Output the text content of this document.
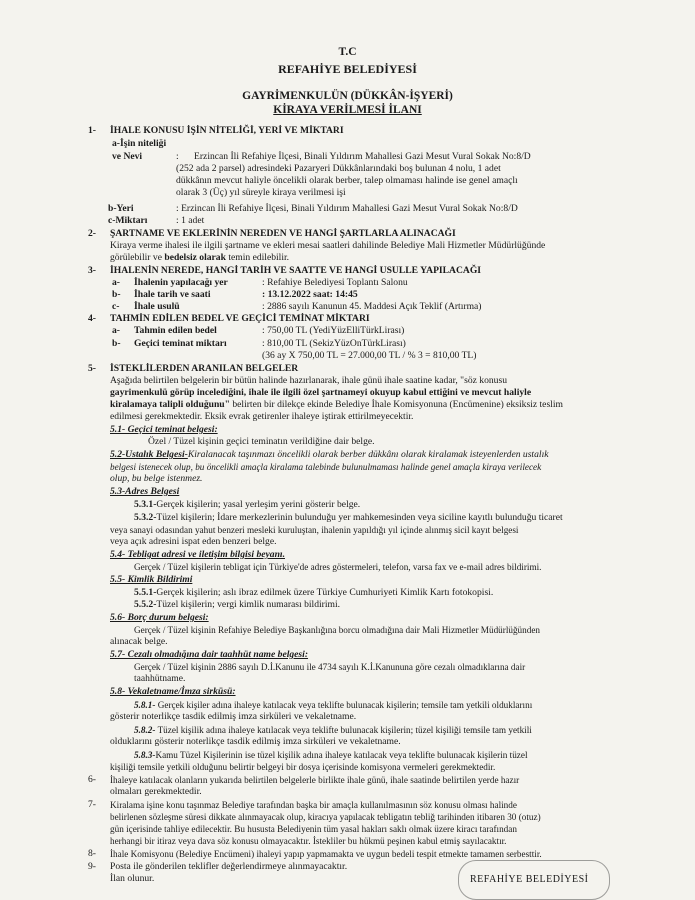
T.C
REFAHİYE BELEDİYESİ
GAYRİMENKULÜN (DÜKKÂN-İŞYERİ)
KİRAYA VERİLMESİ İLANI
1- İHALE KONUSU İŞİN NİTELİĞİ, YERİ VE MİKTARI
a-İşin niteliği
ve Nevi	: Erzincan İli Refahiye İlçesi, Binali Yıldırım Mahallesi Gazi Mesut Vural Sokak No:8/D
(252 ada 2 parsel) adresindeki Pazaryeri Dükkânlarındaki boş bulunan 4 nolu, 1 adet
dükkânın mevcut haliyle öncelikli olarak berber, talep olmaması halinde ise genel amaçlı
olarak 3 (Üç) yıl süreyle kiraya verilmesi işi
b-Yeri	: Erzincan İli Refahiye İlçesi, Binali Yıldırım Mahallesi Gazi Mesut Vural Sokak No:8/D
c-Miktarı	: 1 adet
2- ŞARTNAME VE EKLERİNİN NEREDEN VE HANGİ ŞARTLARLA ALINACAĞI
Kiraya verme ihalesi ile ilgili şartname ve ekleri mesai saatleri dahilinde Belediye Mali Hizmetler Müdürlüğünde
görülebilir ve bedelsiz olarak temin edilebilir.
3- İHALENİN NEREDE, HANGİ TARİH VE SAATTE VE HANGİ USULLE YAPILACAĞI
a- İhalenin yapılacağı yer	: Refahiye Belediyesi Toplantı Salonu
b- İhale tarih ve saati	: 13.12.2022 saat: 14:45
c- İhale usulü	: 2886 sayılı Kanunun 45. Maddesi Açık Teklif (Artırma)
4- TAHMİN EDİLEN BEDEL VE GEÇİCİ TEMİNAT MİKTARI
a- Tahmin edilen bedel	: 750,00 TL (YediYüzElliTürkLirası)
b- Geçici teminat miktarı	: 810,00 TL (SekizYüzOnTürkLirası)
(36 ay X 750,00 TL = 27.000,00 TL / % 3 = 810,00 TL)
5- İSTEKLİLERDEN ARANILAN BELGELER
Aşağıda belirtilen belgelerin bir bütün halinde hazırlanarak, ihale günü ihale saatine kadar, "söz konusu
gayrimenkulü görüp incelediğini, ihale ile ilgili özel şartnameyi okuyup kabul ettiğini ve mevcut haliyle
kiralamaya talipli olduğunu" belirten bir dilekçe ekinde Belediye İhale Komisyonuna (Encümenine) eksiksiz teslim
edilmesi gerekmektedir. Eksik evrak getirenler ihaleye iştirak ettirilmeyecektir.
5.1- Geçici teminat belgesi:
Özel / Tüzel kişinin geçici teminatın verildiğine dair belge.
5.2-Ustalık Belgesi-Kiralanacak taşınmazı öncelikli olarak berber dükkânı olarak kiralamak isteyenlerden ustalık
belgesi istenecek olup, bu öncelikli amaçla kiralama talebinde bulunulmaması halinde genel amaçla kiraya verilecek
olup, bu belge istenmez.
5.3-Adres Belgesi
5.3.1-Gerçek kişilerin; yasal yerleşim yerini gösterir belge.
5.3.2-Tüzel kişilerin; İdare merkezlerinin bulunduğu yer mahkemesinden veya siciline kayıtlı bulunduğu ticaret
veya sanayi odasından yahut benzeri mesleki kuruluştan, ihalenin yapıldığı yıl içinde alınmış sicil kayıt belgesi
veya açık adresini ispat eden benzeri belge.
5.4- Tebligat adresi ve iletişim bilgisi beyanı.
Gerçek / Tüzel kişilerin tebligat için Türkiye'de adres göstermeleri, telefon, varsa fax ve e-mail adres bildirimi.
5.5- Kimlik Bildirimi
5.5.1-Gerçek kişilerin; aslı ibraz edilmek üzere Türkiye Cumhuriyeti Kimlik Kartı fotokopisi.
5.5.2-Tüzel kişilerin; vergi kimlik numarası bildirimi.
5.6- Borç durum belgesi:
Gerçek / Tüzel kişinin Refahiye Belediye Başkanlığına borcu olmadığına dair Mali Hizmetler Müdürlüğünden
alınacak belge.
5.7- Cezalı olmadığına dair taahhüt name belgesi:
Gerçek / Tüzel kişinin 2886 sayılı D.İ.Kanunu ile 4734 sayılı K.İ.Kanununa göre cezalı olmadıklarına dair
taahhütname.
5.8- Vekaletname/İmza sirküsü:
5.8.1- Gerçek kişiler adına ihaleye katılacak veya teklifte bulunacak kişilerin; temsile tam yetkili olduklarını
gösterir noterlikçe tasdik edilmiş imza sirküleri ve vekaletname.
5.8.2- Tüzel kişilik adına ihaleye katılacak veya teklifte bulunacak kişilerin; tüzel kişiliği temsile tam yetkili
olduklarını gösterir noterlikçe tasdik edilmiş imza sirküleri ve vekaletname.
5.8.3-Kamu Tüzel Kişilerinin ise tüzel kişilik adına ihaleye katılacak veya teklifte bulunacak kişilerin tüzel
kişiliği temsile yetkili olduğunu belirtir belgeyi bir dosya içerisinde komisyona vermeleri gerekmektedir.
6- İhaleye katılacak olanların yukarıda belirtilen belgelerle birlikte ihale günü, ihale saatinde belirtilen yerde hazır
olmaları gerekmektedir.
7- Kiralama işine konu taşınmaz Belediye tarafından başka bir amaçla kullanılmasının söz konusu olması halinde
belirlenen sözleşme süresi dikkate alınmayacak olup, kiracıya yapılacak tebligatın tebliğ tarihinden itibaren 30 (otuz)
gün içerisinde tahliye edilecektir. Bu hususta Belediyenin tüm yasal hakları saklı olmak üzere kiracı tarafından
herhangi bir itiraz veya dava söz konusu olmayacaktır. İstekliler bu hükmü peşinen kabul etmiş sayılacaktır.
8- İhale Komisyonu (Belediye Encümeni) ihaleyi yapıp yapmamakta ve uygun bedeli tespit etmekte tamamen serbesttir.
9- Posta ile gönderilen teklifler değerlendirmeye alınmayacaktır.
İlan olunur.	REFAHİYE BELEDİYESİ
